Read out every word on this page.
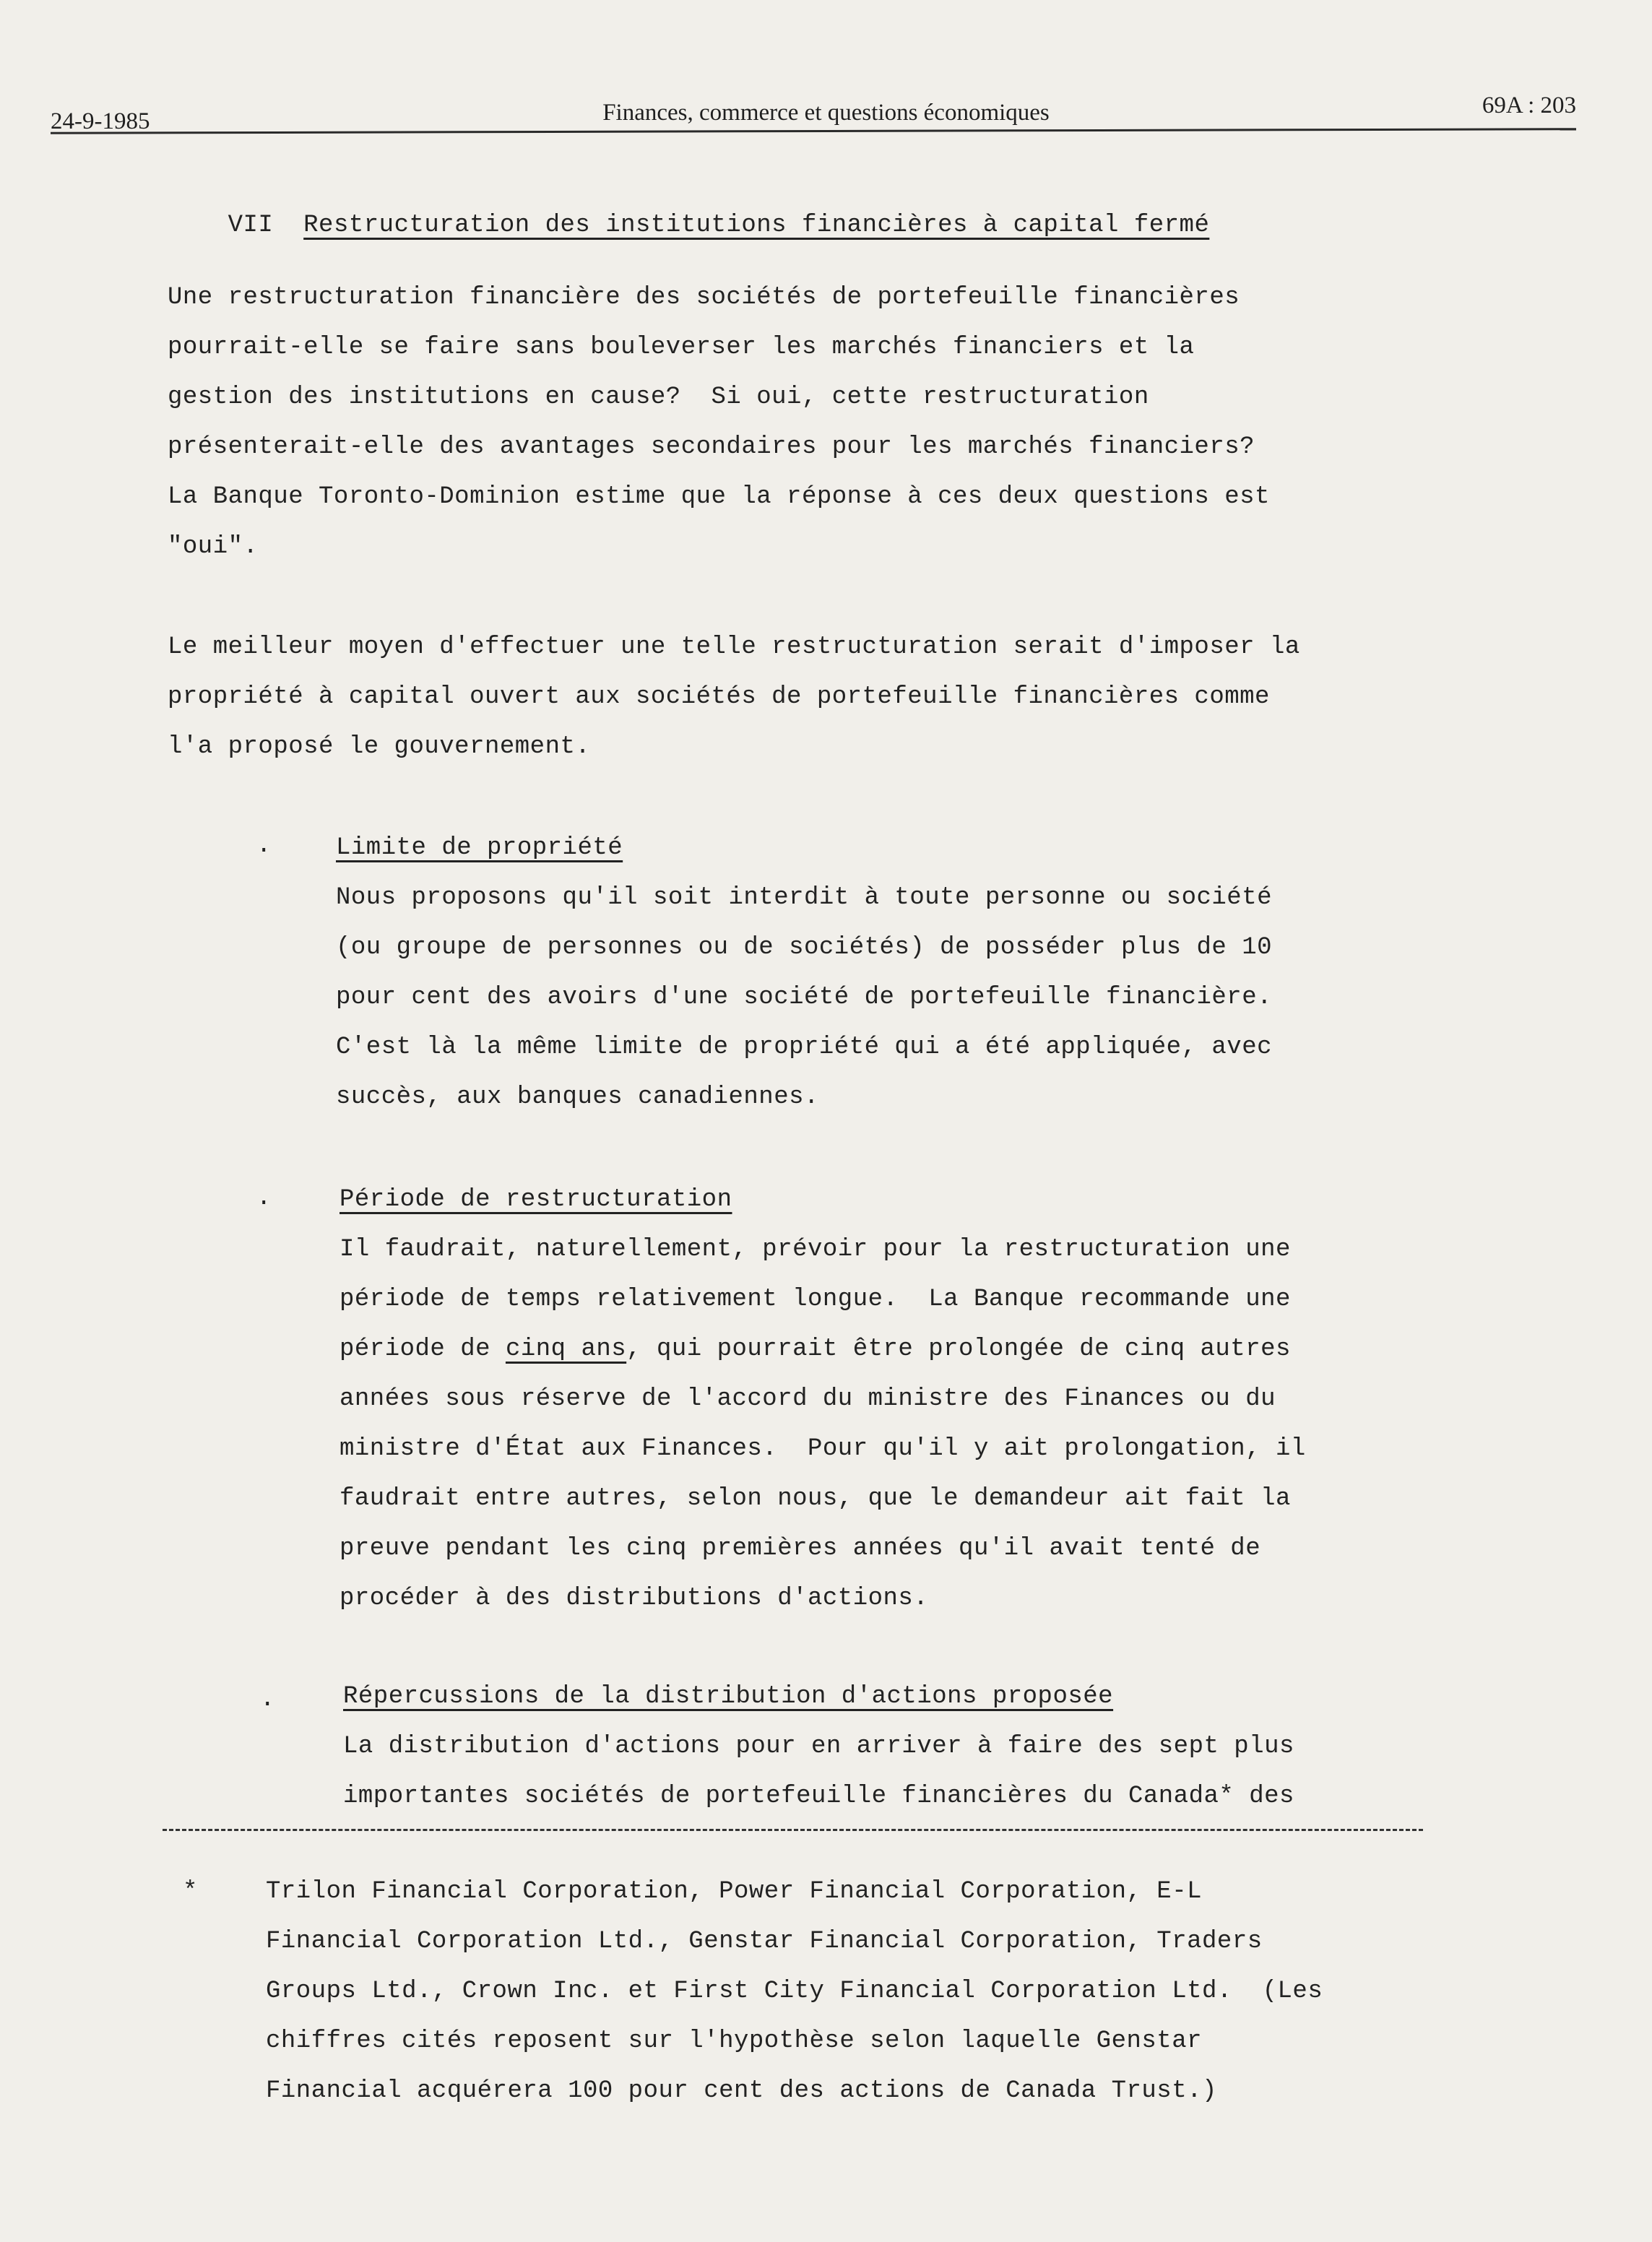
24-9-1985	Finances, commerce et questions économiques	69A : 203

VII Restructuration des institutions financières à capital fermé

Une restructuration financière des sociétés de portefeuille financières
pourrait-elle se faire sans bouleverser les marchés financiers et la
gestion des institutions en cause?  Si oui, cette restructuration
présenterait-elle des avantages secondaires pour les marchés financiers?
La Banque Toronto-Dominion estime que la réponse à ces deux questions est
"oui".
Le meilleur moyen d'effectuer une telle restructuration serait d'imposer la
propriété à capital ouvert aux sociétés de portefeuille financières comme
l'a proposé le gouvernement.
.	Limite de propriété
Nous proposons qu'il soit interdit à toute personne ou société
(ou groupe de personnes ou de sociétés) de posséder plus de 10
pour cent des avoirs d'une société de portefeuille financière.
C'est là la même limite de propriété qui a été appliquée, avec
succès, aux banques canadiennes.
.	Période de restructuration
Il faudrait, naturellement, prévoir pour la restructuration une
période de temps relativement longue.  La Banque recommande une
période de cinq ans, qui pourrait être prolongée de cinq autres
années sous réserve de l'accord du ministre des Finances ou du
ministre d'État aux Finances.  Pour qu'il y ait prolongation, il
faudrait entre autres, selon nous, que le demandeur ait fait la
preuve pendant les cinq premières années qu'il avait tenté de
procéder à des distributions d'actions.
.	Répercussions de la distribution d'actions proposée
La distribution d'actions pour en arriver à faire des sept plus
importantes sociétés de portefeuille financières du Canada* des
*	Trilon Financial Corporation, Power Financial Corporation, E-L
Financial Corporation Ltd., Genstar Financial Corporation, Traders
Groups Ltd., Crown Inc. et First City Financial Corporation Ltd.  (Les
chiffres cités reposent sur l'hypothèse selon laquelle Genstar
Financial acquérera 100 pour cent des actions de Canada Trust.)
